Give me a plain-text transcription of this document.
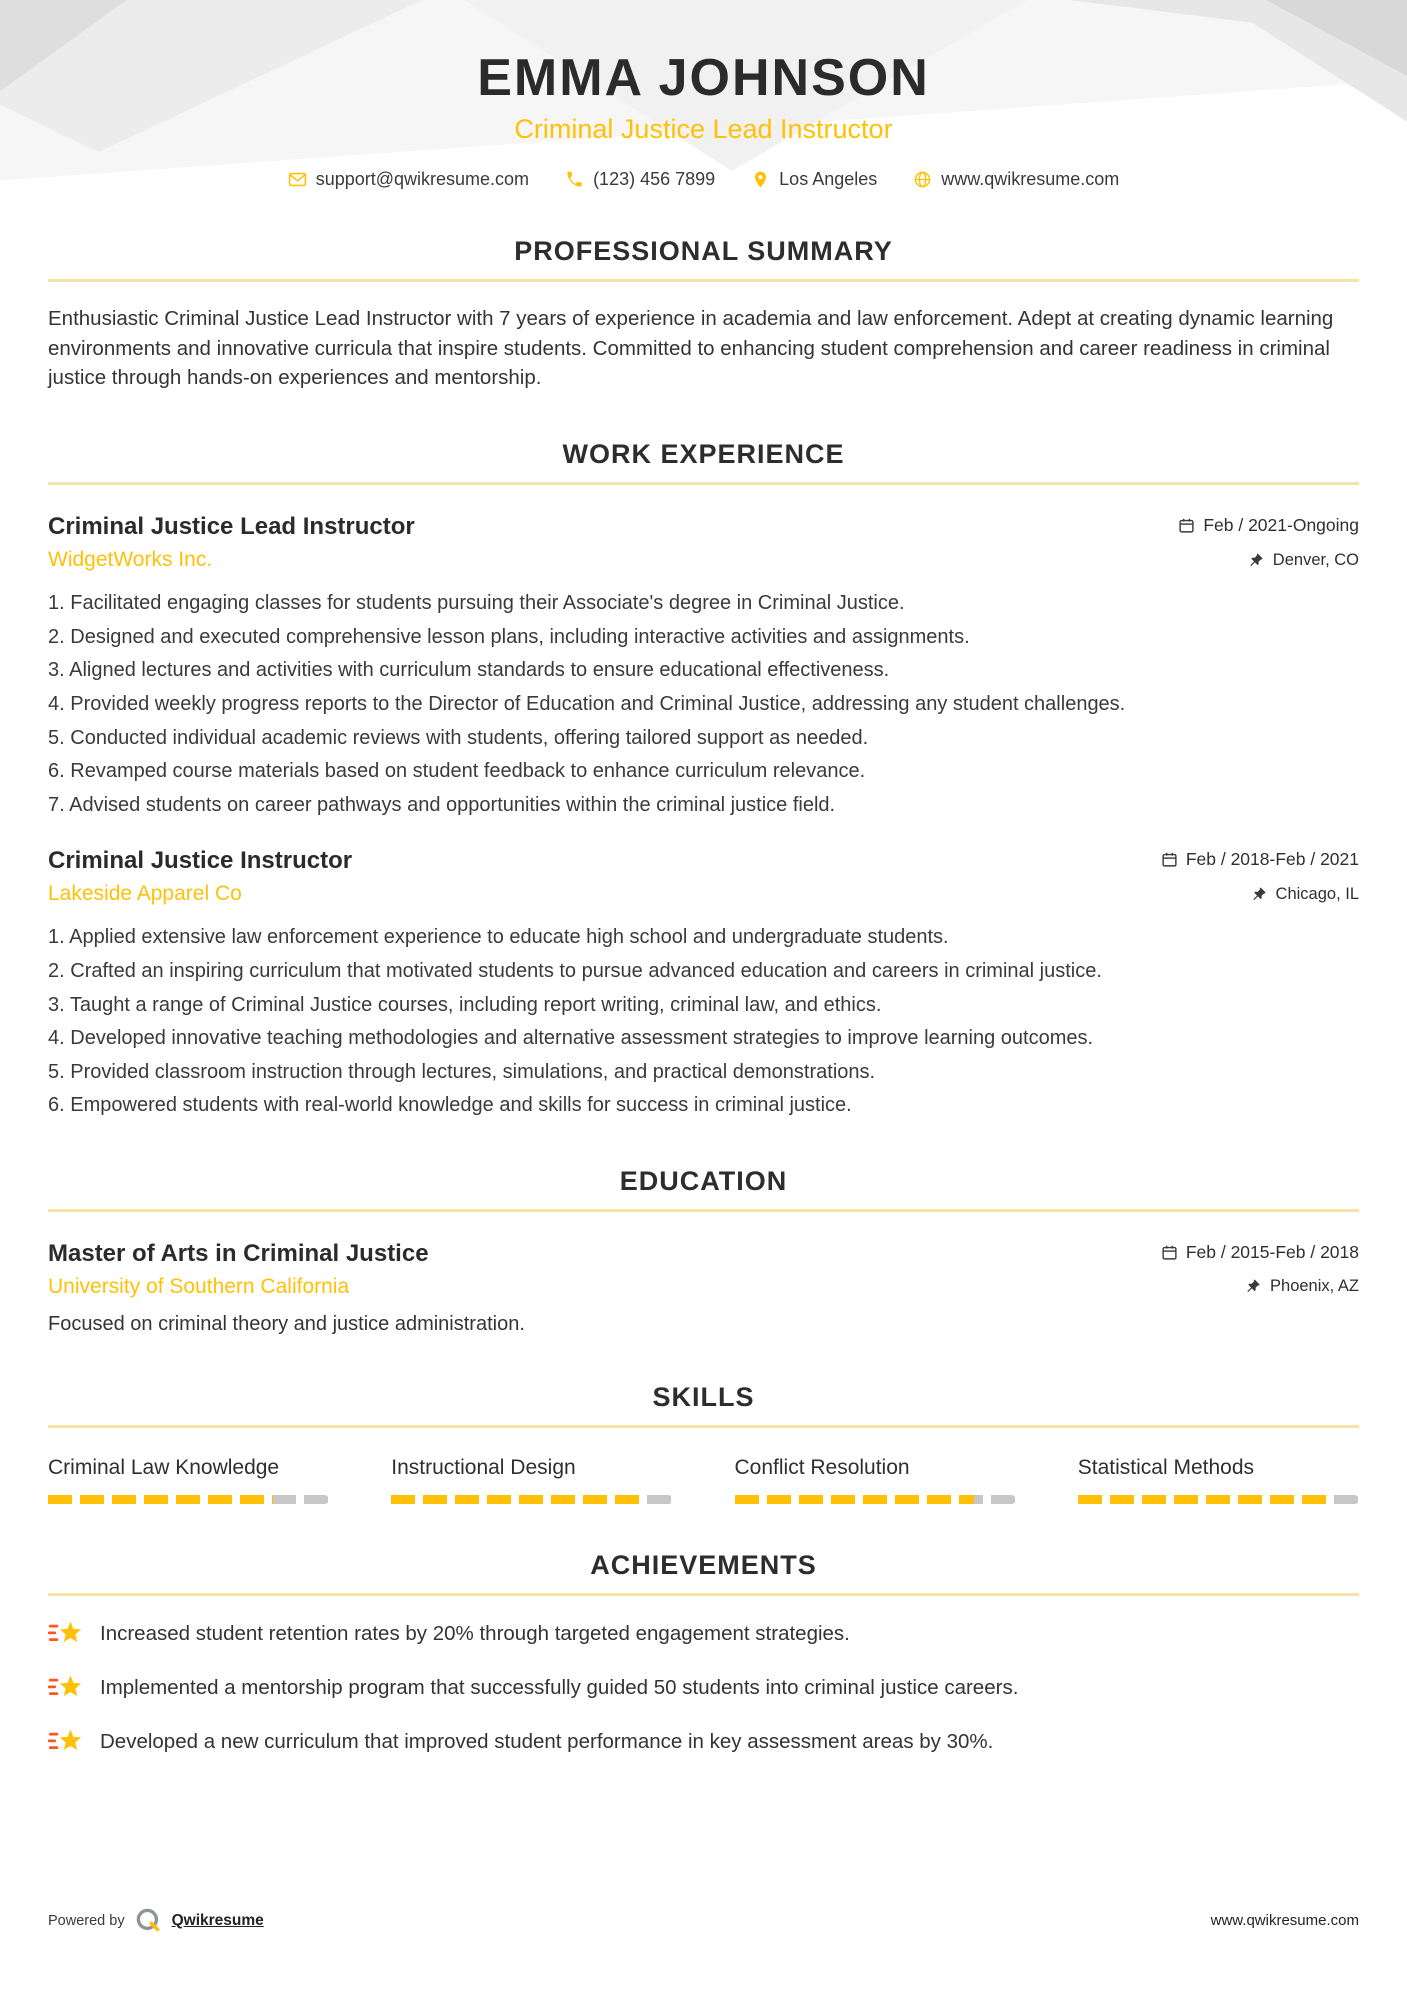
EMMA JOHNSON
Criminal Justice Lead Instructor
support@qwikresume.com	(123) 456 7899	Los Angeles	www.qwikresume.com
PROFESSIONAL SUMMARY

Enthusiastic Criminal Justice Lead Instructor with 7 years of experience in academia and law enforcement. Adept at creating dynamic learning environments and innovative curricula that inspire students. Committed to enhancing student comprehension and career readiness in criminal justice through hands-on experiences and mentorship.

WORK EXPERIENCE
Criminal Justice Lead Instructor	Feb / 2021-Ongoing
WidgetWorks Inc.	Denver, CO
Facilitated engaging classes for students pursuing their Associate's degree in Criminal Justice.
Designed and executed comprehensive lesson plans, including interactive activities and assignments.
Aligned lectures and activities with curriculum standards to ensure educational effectiveness.
Provided weekly progress reports to the Director of Education and Criminal Justice, addressing any student challenges.
Conducted individual academic reviews with students, offering tailored support as needed.
Revamped course materials based on student feedback to enhance curriculum relevance.
Advised students on career pathways and opportunities within the criminal justice field.
Criminal Justice Instructor	Feb / 2018-Feb / 2021
Lakeside Apparel Co	Chicago, IL
Applied extensive law enforcement experience to educate high school and undergraduate students.
Crafted an inspiring curriculum that motivated students to pursue advanced education and careers in criminal justice.
Taught a range of Criminal Justice courses, including report writing, criminal law, and ethics.
Developed innovative teaching methodologies and alternative assessment strategies to improve learning outcomes.
Provided classroom instruction through lectures, simulations, and practical demonstrations.
Empowered students with real-world knowledge and skills for success in criminal justice.
EDUCATION
Master of Arts in Criminal Justice	Feb / 2015-Feb / 2018
University of Southern California	Phoenix, AZ

Focused on criminal theory and justice administration.

SKILLS
Criminal Law Knowledge	Instructional Design	Conflict Resolution	Statistical Methods
ACHIEVEMENTS

Increased student retention rates by 20% through targeted engagement strategies.

Implemented a mentorship program that successfully guided 50 students into criminal justice careers.

Developed a new curriculum that improved student performance in key assessment areas by 30%.

Powered by	Qwikresume	www.qwikresume.com
